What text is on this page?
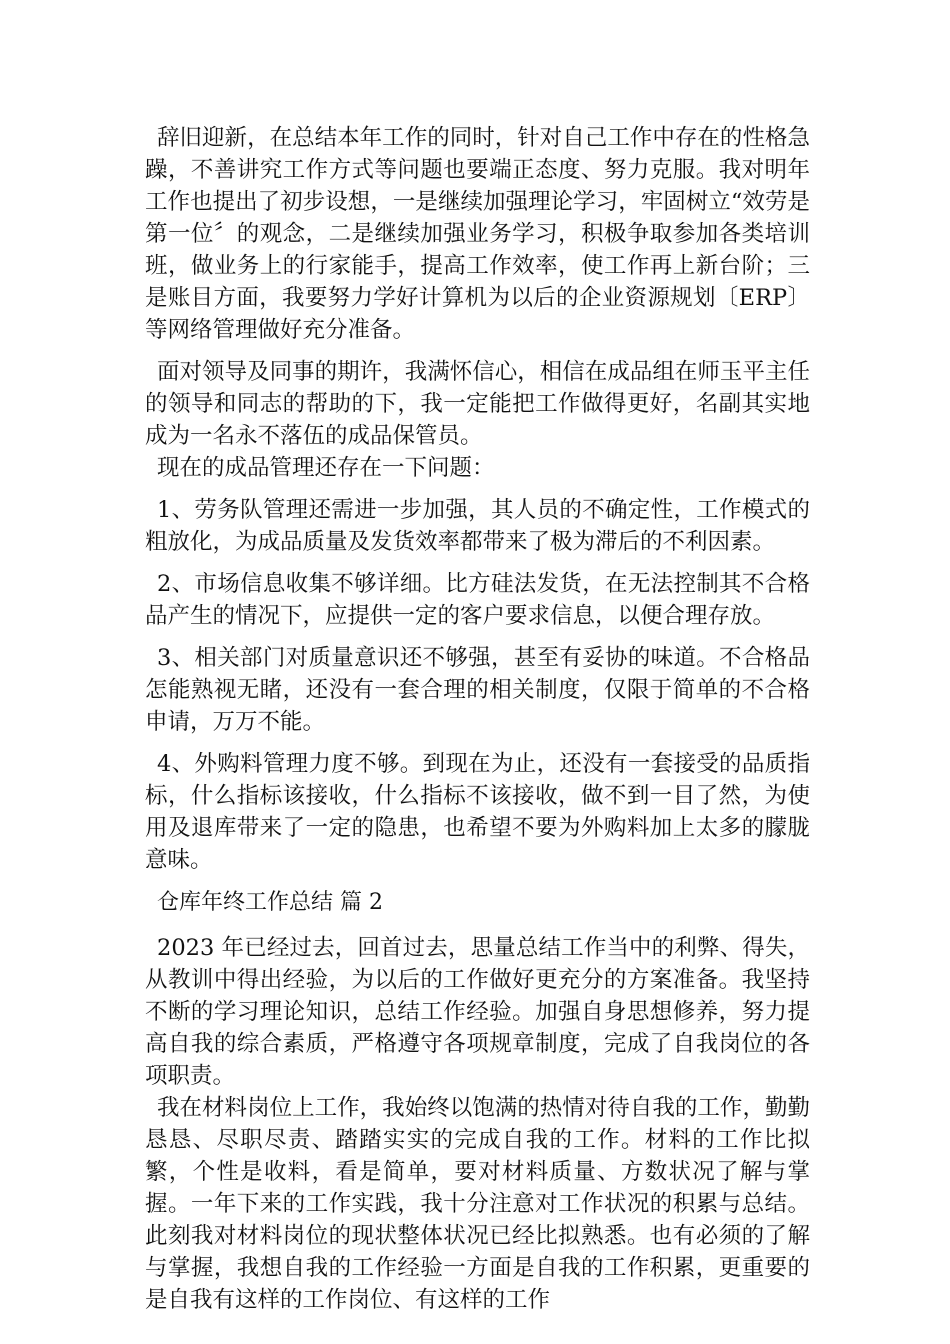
辞旧迎新，在总结本年工作的同时，针对自己工作中存在的性格急躁，不善讲究工作方式等问题也要端正态度、努力克服。我对明年工作也提出了初步设想，一是继续加强理论学习，牢固树立“效劳是第一位〞的观念，二是继续加强业务学习，积极争取参加各类培训班，做业务上的行家能手，提高工作效率，使工作再上新台阶；三是账目方面，我要努力学好计算机为以后的企业资源规划〔ERP〕等网络管理做好充分准备。

面对领导及同事的期许，我满怀信心，相信在成品组在师玉平主任的领导和同志的帮助的下，我一定能把工作做得更好，名副其实地成为一名永不落伍的成品保管员。

现在的成品管理还存在一下问题：

1、劳务队管理还需进一步加强，其人员的不确定性，工作模式的粗放化，为成品质量及发货效率都带来了极为滞后的不利因素。

2、市场信息收集不够详细。比方硅法发货，在无法控制其不合格品产生的情况下，应提供一定的客户要求信息，以便合理存放。

3、相关部门对质量意识还不够强，甚至有妥协的味道。不合格品怎能熟视无睹，还没有一套合理的相关制度，仅限于简单的不合格申请，万万不能。

4、外购料管理力度不够。到现在为止，还没有一套接受的品质指标，什么指标该接收，什么指标不该接收，做不到一目了然，为使用及退库带来了一定的隐患，也希望不要为外购料加上太多的朦胧意味。

仓库年终工作总结 篇 2

2023 年已经过去，回首过去，思量总结工作当中的利弊、得失，从教训中得出经验，为以后的工作做好更充分的方案准备。我坚持不断的学习理论知识，总结工作经验。加强自身思想修养，努力提高自我的综合素质，严格遵守各项规章制度，完成了自我岗位的各项职责。

我在材料岗位上工作，我始终以饱满的热情对待自我的工作，勤勤恳恳、尽职尽责、踏踏实实的完成自我的工作。材料的工作比拟繁，个性是收料，看是简单，要对材料质量、方数状况了解与掌握。一年下来的工作实践，我十分注意对工作状况的积累与总结。此刻我对材料岗位的现状整体状况已经比拟熟悉。也有必须的了解与掌握，我想自我的工作经验一方面是自我的工作积累，更重要的是自我有这样的工作岗位、有这样的工作
